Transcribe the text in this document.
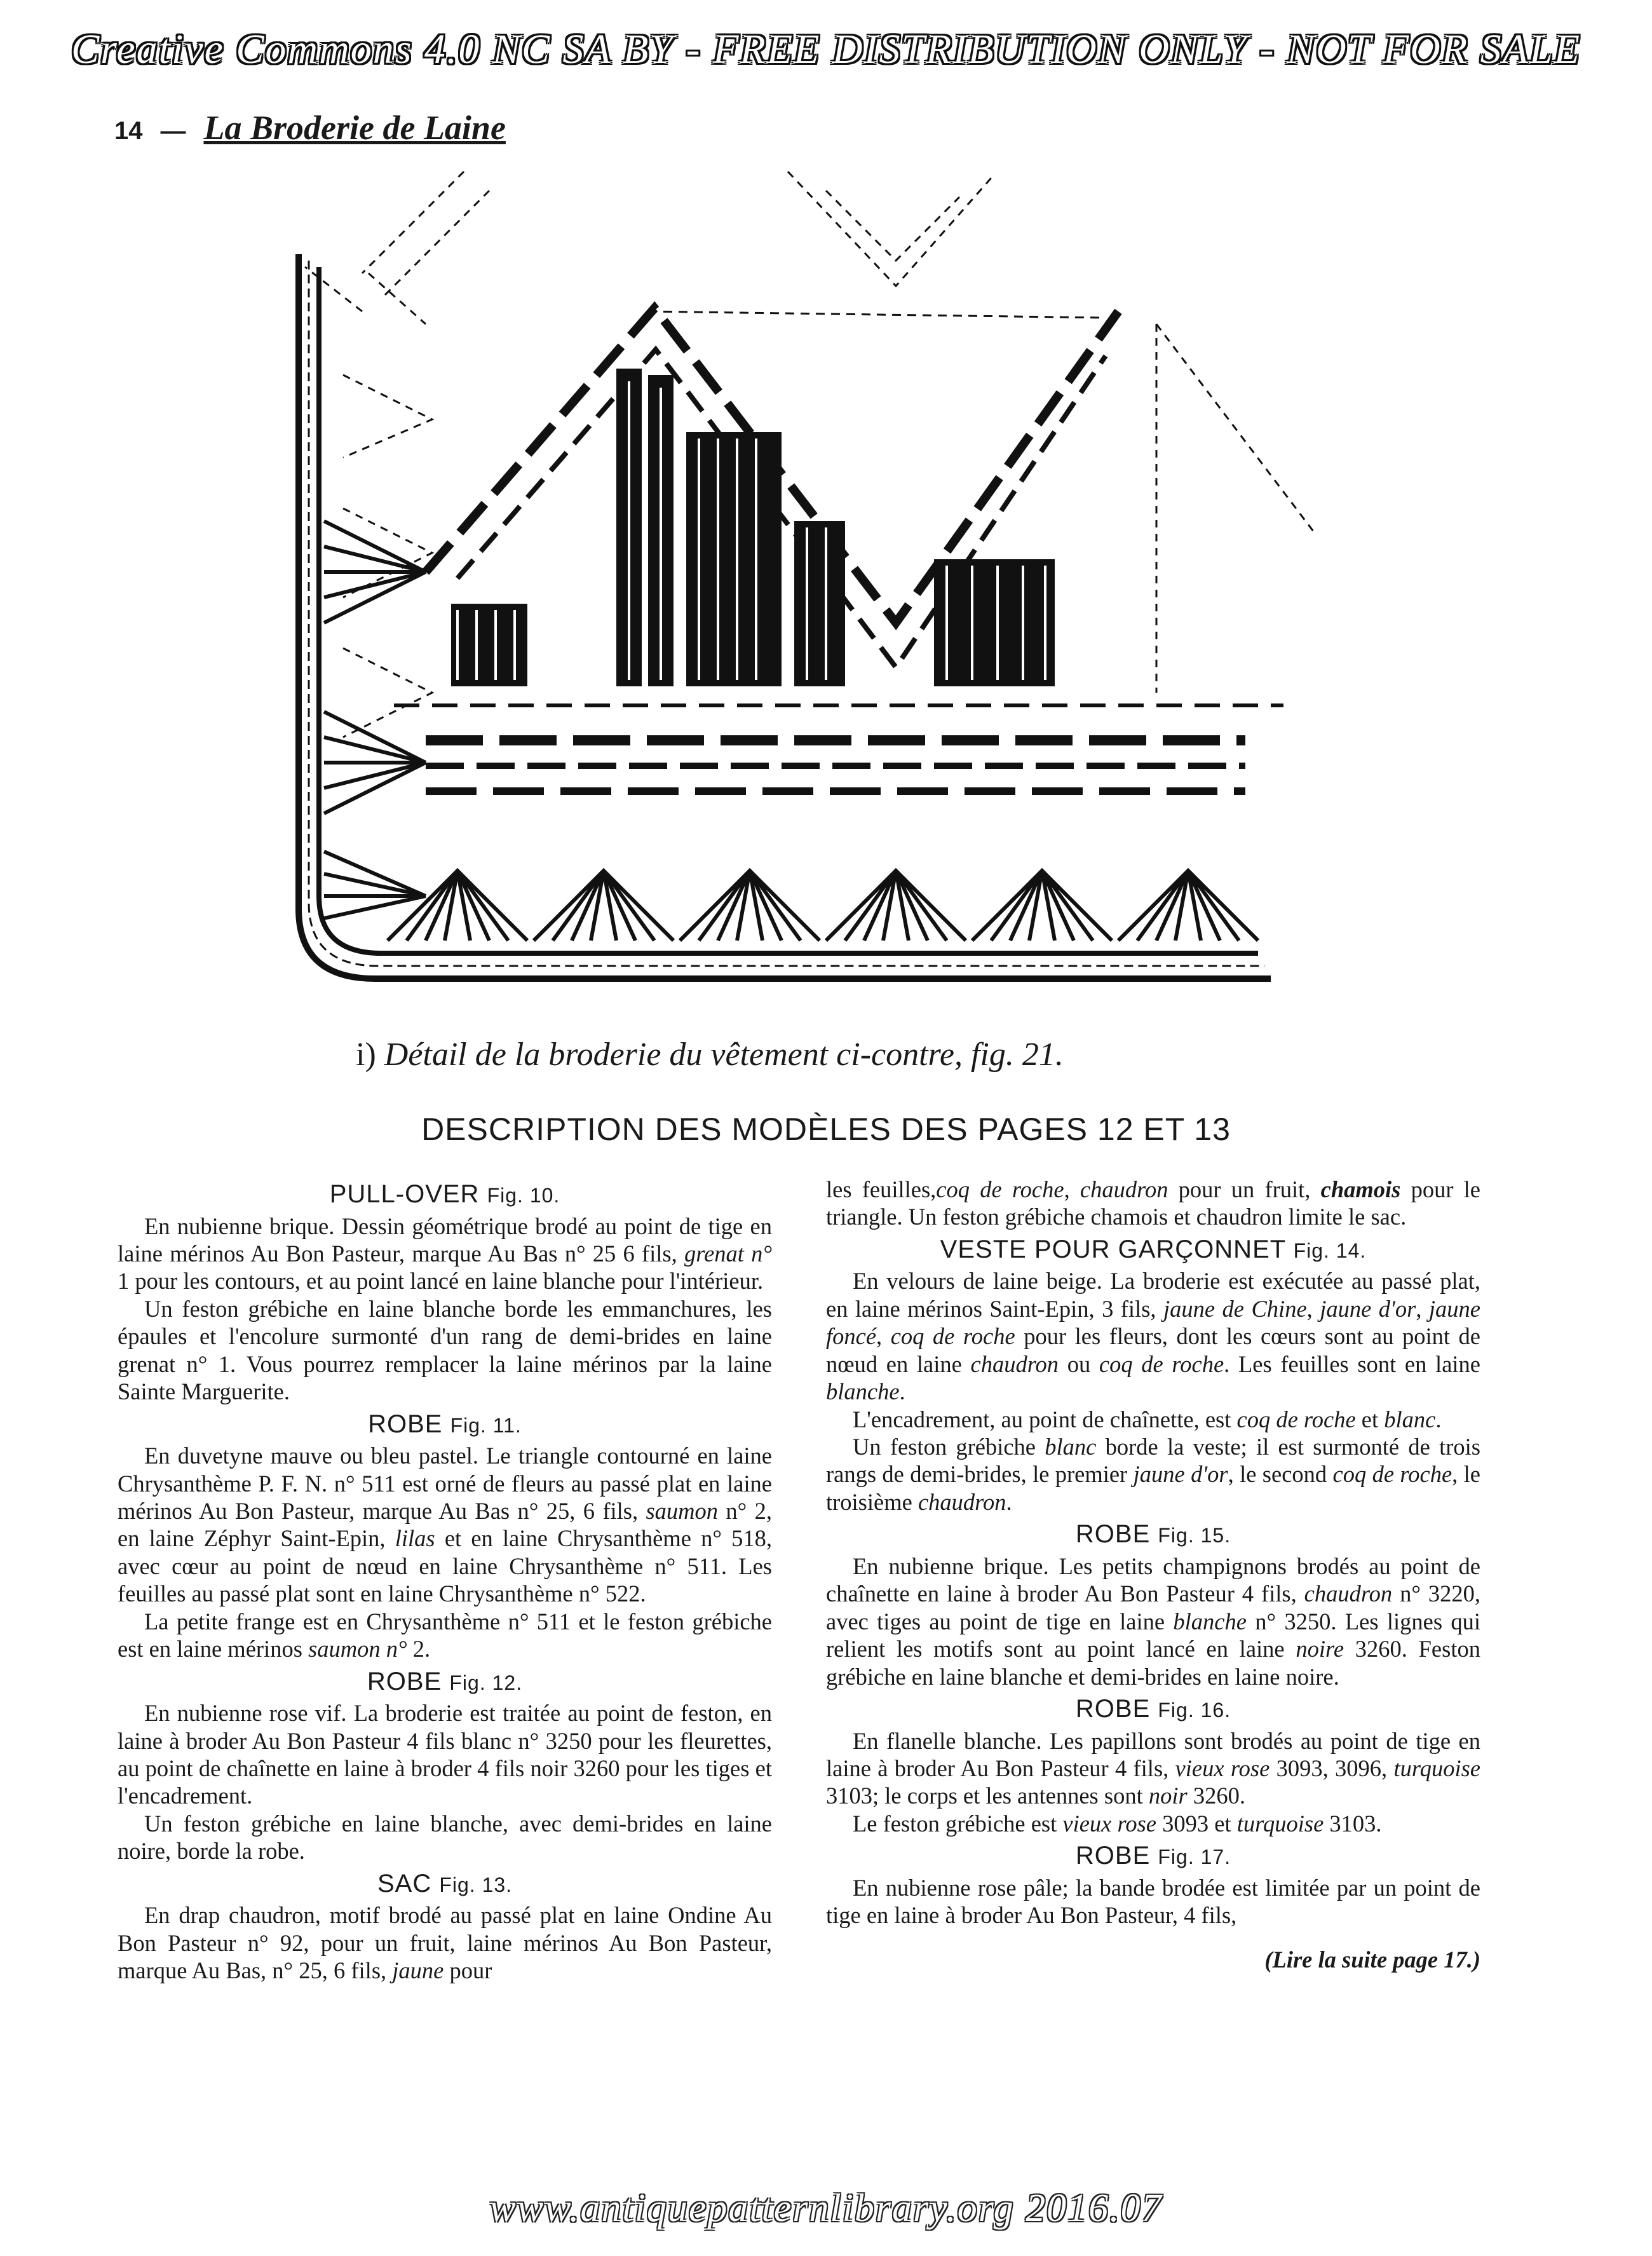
Creative Commons 4.0 NC SA BY - FREE DISTRIBUTION ONLY - NOT FOR SALE
14 — La Broderie de Laine
i) Détail de la broderie du vêtement ci-contre, fig. 21.
DESCRIPTION DES MODÈLES DES PAGES 12 ET 13
PULL-OVER Fig. 10.

En nubienne brique. Dessin géométrique brodé au point de tige en laine mérinos Au Bon Pasteur, marque Au Bas n° 25 6 fils, grenat n° 1 pour les contours, et au point lancé en laine blanche pour l'intérieur.

Un feston grébiche en laine blanche borde les emmanchures, les épaules et l'encolure surmonté d'un rang de demi-brides en laine grenat n° 1. Vous pourrez remplacer la laine mérinos par la laine Sainte Marguerite.

ROBE Fig. 11.

En duvetyne mauve ou bleu pastel. Le triangle contourné en laine Chrysanthème P. F. N. n° 511 est orné de fleurs au passé plat en laine mérinos Au Bon Pasteur, marque Au Bas n° 25, 6 fils, saumon n° 2, en laine Zéphyr Saint-Epin, lilas et en laine Chrysanthème n° 518, avec cœur au point de nœud en laine Chrysanthème n° 511. Les feuilles au passé plat sont en laine Chrysanthème n° 522.

La petite frange est en Chrysanthème n° 511 et le feston grébiche est en laine mérinos saumon n° 2.

ROBE Fig. 12.

En nubienne rose vif. La broderie est traitée au point de feston, en laine à broder Au Bon Pasteur 4 fils blanc n° 3250 pour les fleurettes, au point de chaînette en laine à broder 4 fils noir 3260 pour les tiges et l'encadrement.

Un feston grébiche en laine blanche, avec demi-brides en laine noire, borde la robe.

SAC Fig. 13.

En drap chaudron, motif brodé au passé plat en laine Ondine Au Bon Pasteur n° 92, pour un fruit, laine mérinos Au Bon Pasteur, marque Au Bas, n° 25, 6 fils, jaune pour

les feuilles,coq de roche, chaudron pour un fruit, chamois pour le triangle. Un feston grébiche chamois et chaudron limite le sac.

VESTE POUR GARÇONNET Fig. 14.

En velours de laine beige. La broderie est exécutée au passé plat, en laine mérinos Saint-Epin, 3 fils, jaune de Chine, jaune d'or, jaune foncé, coq de roche pour les fleurs, dont les cœurs sont au point de nœud en laine chaudron ou coq de roche. Les feuilles sont en laine blanche.

L'encadrement, au point de chaînette, est coq de roche et blanc.

Un feston grébiche blanc borde la veste; il est surmonté de trois rangs de demi-brides, le premier jaune d'or, le second coq de roche, le troisième chaudron.

ROBE Fig. 15.

En nubienne brique. Les petits champignons brodés au point de chaînette en laine à broder Au Bon Pasteur 4 fils, chaudron n° 3220, avec tiges au point de tige en laine blanche n° 3250. Les lignes qui relient les motifs sont au point lancé en laine noire 3260. Feston grébiche en laine blanche et demi-brides en laine noire.

ROBE Fig. 16.

En flanelle blanche. Les papillons sont brodés au point de tige en laine à broder Au Bon Pasteur 4 fils, vieux rose 3093, 3096, turquoise 3103; le corps et les antennes sont noir 3260.

Le feston grébiche est vieux rose 3093 et turquoise 3103.

ROBE Fig. 17.

En nubienne rose pâle; la bande brodée est limitée par un point de tige en laine à broder Au Bon Pasteur, 4 fils,

(Lire la suite page 17.)
www.antiquepatternlibrary.org 2016.07
